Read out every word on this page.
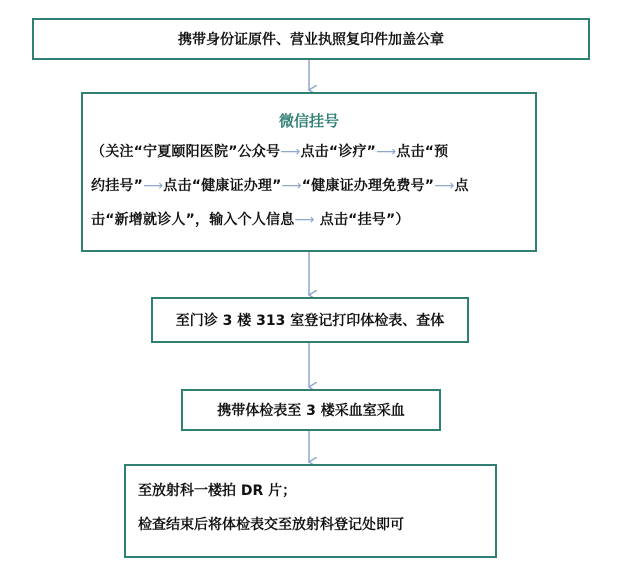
携带身份证原件、营业执照复印件加盖公章
微信挂号
（关注“宁夏颐阳医院”公众号⟶点击“诊疗”⟶点击“预
约挂号”⟶点击“健康证办理”⟶“健康证办理免费号”⟶点
击“新增就诊人”，输入个人信息⟶ 点击“挂号”）
至门诊 3 楼 313 室登记打印体检表、查体
携带体检表至 3 楼采血室采血
至放射科一楼拍 DR 片；
检查结束后将体检表交至放射科登记处即可
